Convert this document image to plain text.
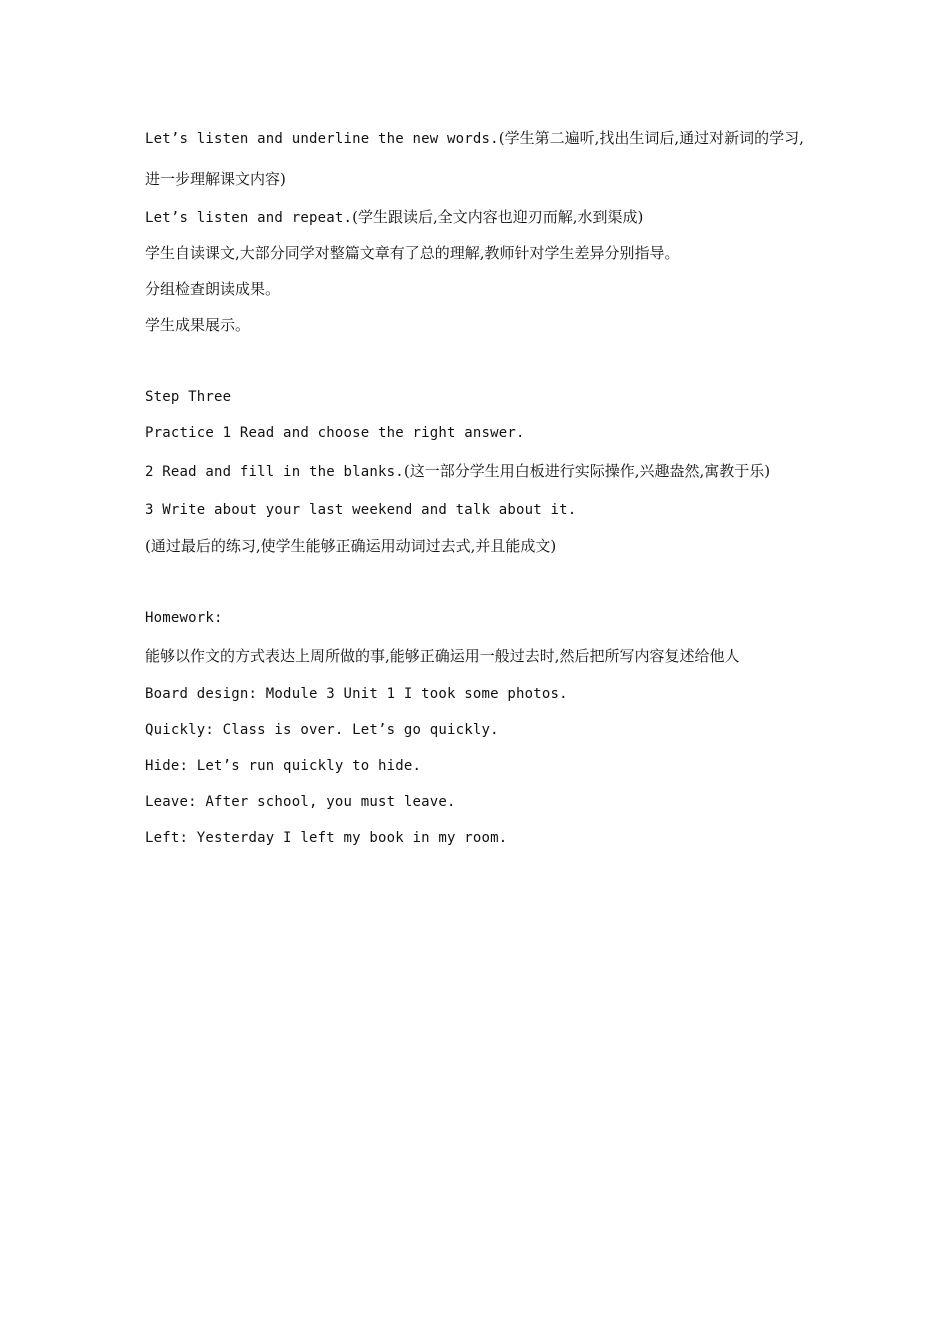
Let’s listen and underline the new words.(学生第二遍听,找出生词后,通过对新词的学习,进一步理解课文内容)
Let’s listen and repeat.(学生跟读后,全文内容也迎刃而解,水到渠成)
学生自读课文,大部分同学对整篇文章有了总的理解,教师针对学生差异分别指导。
分组检查朗读成果。
学生成果展示。
Step Three
Practice 1 Read and choose the right answer.
2 Read and fill in the blanks.(这一部分学生用白板进行实际操作,兴趣盎然,寓教于乐)
3 Write about your last weekend and talk about it.
(通过最后的练习,使学生能够正确运用动词过去式,并且能成文)
Homework:
能够以作文的方式表达上周所做的事,能够正确运用一般过去时,然后把所写内容复述给他人
Board design: Module 3 Unit 1 I took some photos.
Quickly: Class is over. Let’s go quickly.
Hide: Let’s run quickly to hide.
Leave: After school, you must leave.
Left: Yesterday I left my book in my room.
